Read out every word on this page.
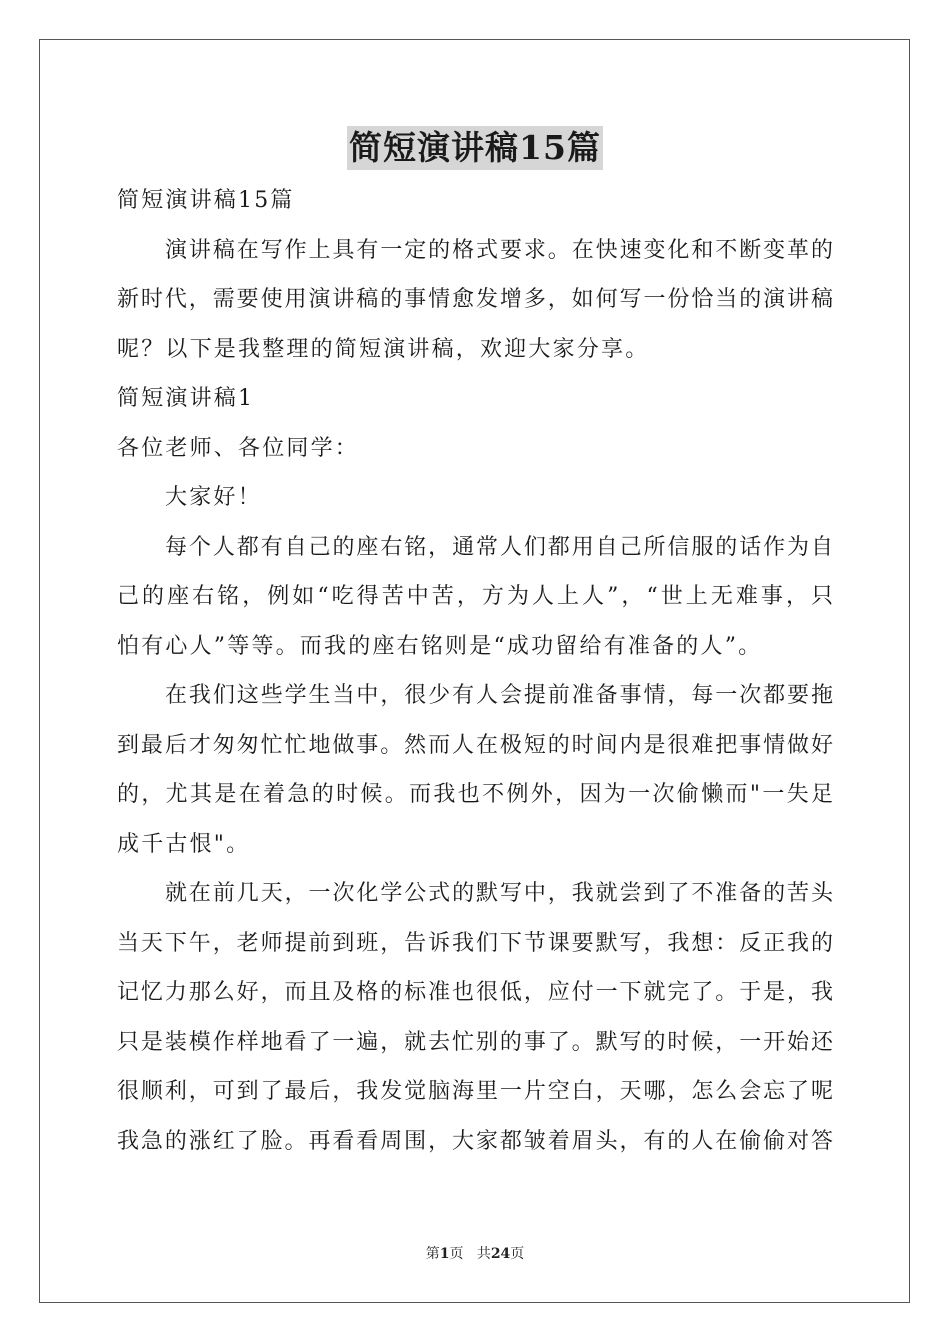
简短演讲稿15篇
简短演讲稿15篇
演讲稿在写作上具有一定的格式要求。在快速变化和不断变革的
新时代，需要使用演讲稿的事情愈发增多，如何写一份恰当的演讲稿
呢？以下是我整理的简短演讲稿，欢迎大家分享。
简短演讲稿1
各位老师、各位同学：
大家好！
每个人都有自己的座右铭，通常人们都用自己所信服的话作为自
己的座右铭，例如“吃得苦中苦，方为人上人”，“世上无难事，只
怕有心人”等等。而我的座右铭则是“成功留给有准备的人”。
在我们这些学生当中，很少有人会提前准备事情，每一次都要拖
到最后才匆匆忙忙地做事。然而人在极短的时间内是很难把事情做好
的，尤其是在着急的时候。而我也不例外，因为一次偷懒而"一失足
成千古恨"。
就在前几天，一次化学公式的默写中，我就尝到了不准备的苦头
当天下午，老师提前到班，告诉我们下节课要默写，我想：反正我的
记忆力那么好，而且及格的标准也很低，应付一下就完了。于是，我
只是装模作样地看了一遍，就去忙别的事了。默写的时候，一开始还
很顺利，可到了最后，我发觉脑海里一片空白，天哪，怎么会忘了呢
我急的涨红了脸。再看看周围，大家都皱着眉头，有的人在偷偷对答
第1页 共24页
